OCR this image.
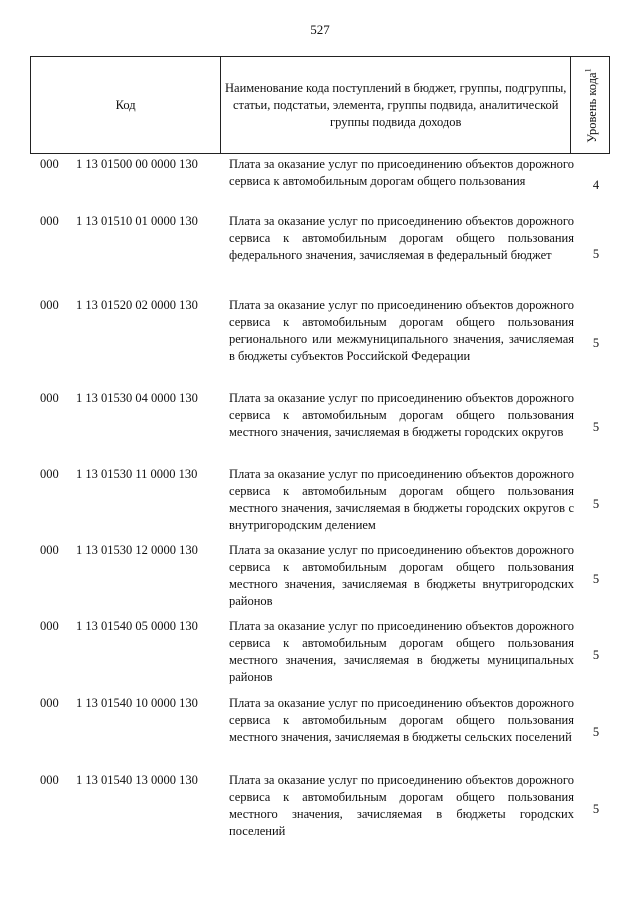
527
Код	Наименование кода поступлений в бюджет, группы, подгруппы, статьи, подстатьи, элемента, группы подвида, аналитической группы подвида доходов	Уровень кода$^1$
000 1 13 01500 00 0000 130 Плата за оказание услуг по присоединению объектов дорожного сервиса к автомобильным дорогам общего пользования	4
000 1 13 01510 01 0000 130 Плата за оказание услуг по присоединению объектов дорожного сервиса к автомобильным дорогам общего пользования федерального значения, зачисляемая в федеральный бюджет	5
000 1 13 01520 02 0000 130 Плата за оказание услуг по присоединению объектов дорожного сервиса к автомобильным дорогам общего пользования регионального или межмуниципального значения, зачисляемая в бюджеты субъектов Российской Федерации
5
000 1 13 01530 04 0000 130 Плата за оказание услуг по присоединению объектов дорожного сервиса к автомобильным дорогам общего пользования местного значения, зачисляемая в бюджеты городских округов	5
000 1 13 01530 11 0000 130	Плата за оказание услуг по присоединению объектов дорожного сервиса к автомобильным дорогам общего пользования местного значения, зачисляемая в бюджеты городских округов с внутригородским делением
5
000 1 13 01530 12 0000 130 Плата за оказание услуг по присоединению объектов дорожного сервиса к автомобильным дорогам общего пользования местного значения, зачисляемая в бюджеты внутригородских районов
5
000 1 13 01540 05 0000 130 Плата за оказание услуг по присоединению объектов дорожного сервиса к автомобильным дорогам общего пользования местного значения, зачисляемая в бюджеты муниципальных районов
5
000 1 13 01540 10 0000 130 Плата за оказание услуг по присоединению объектов дорожного сервиса к автомобильным дорогам общего пользования местного значения, зачисляемая в бюджеты сельских поселений	5
000 1 13 01540 13 0000 130 Плата за оказание услуг по присоединению объектов дорожного сервиса к автомобильным дорогам общего пользования местного значения, зачисляемая в бюджеты городских поселений
5
